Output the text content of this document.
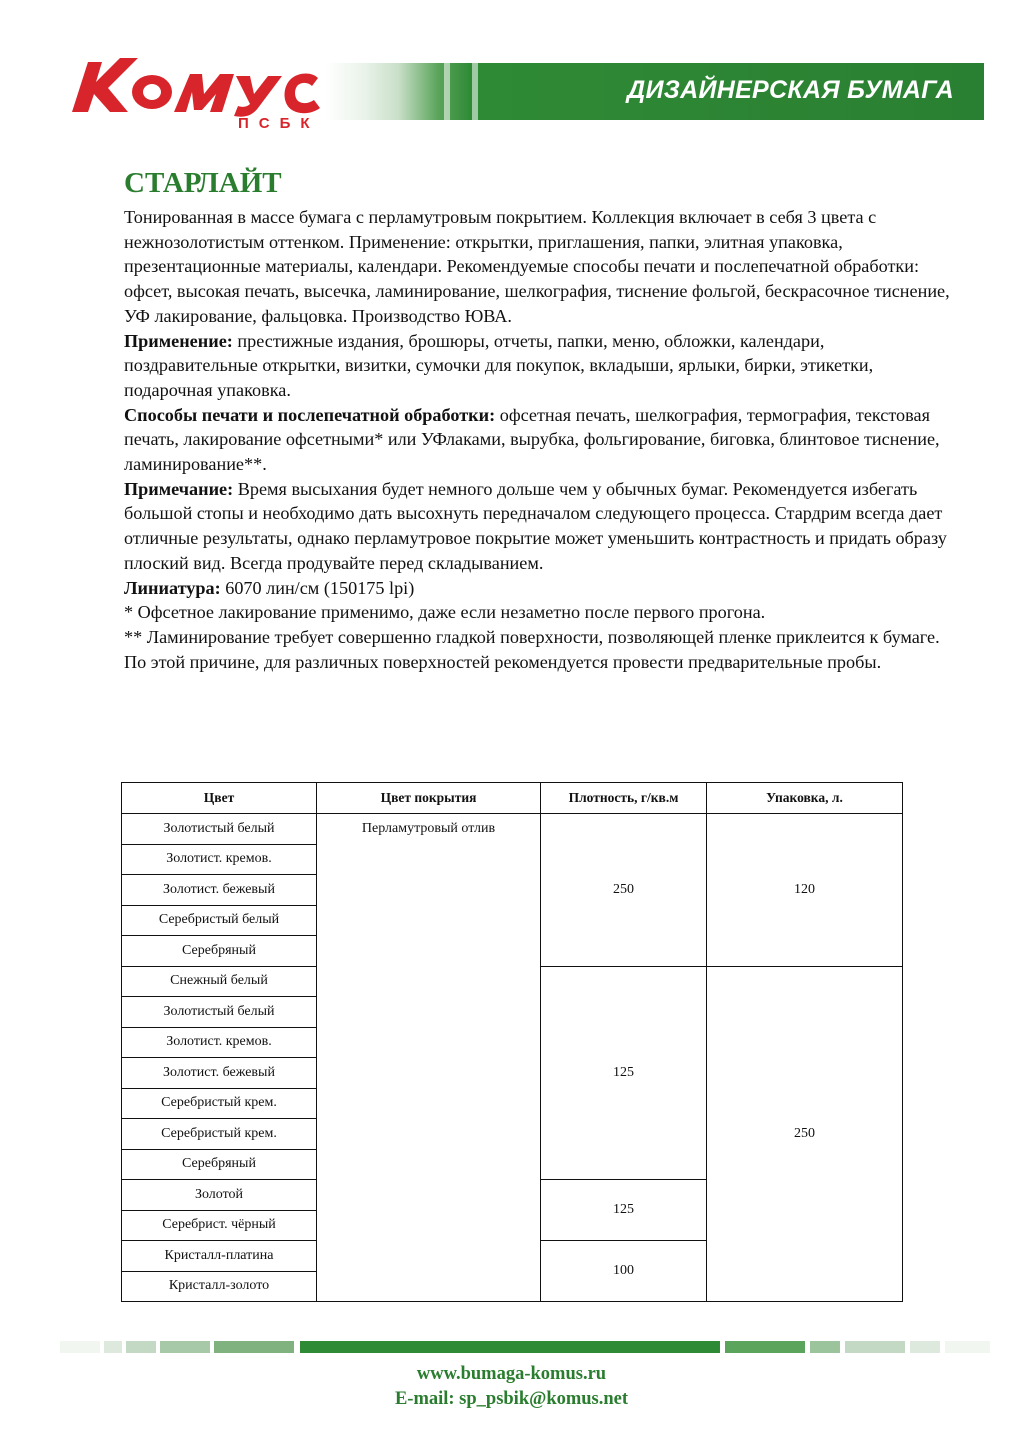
ПСБК
ДИЗАЙНЕРСКАЯ БУМАГА
СТАРЛАЙТ

Тонированная в массе бумага с перламутровым покрытием. Коллекция включает в себя 3 цвета с нежнозолотистым оттенком. Применение: открытки, приглашения, папки, элитная упаковка, презентационные материалы, календари. Рекомендуемые способы печати и послепечатной обработки: офсет, высокая печать, высечка, ламинирование, шелкография, тиснение фольгой, бескрасочное тиснение, УФ лакирование, фальцовка. Производство ЮВА.

Применение: престижные издания, брошюры, отчеты, папки, меню, обложки, календари, поздравительные открытки, визитки, сумочки для покупок, вкладыши, ярлыки, бирки, этикетки, подарочная упаковка.

Способы печати и послепечатной обработки: офсетная печать, шелкография, термография, текстовая печать, лакирование офсетными* или УФлаками, вырубка, фольгирование, биговка, блинтовое тиснение, ламинирование**.

Примечание: Время высыхания будет немного дольше чем у обычных бумаг. Рекомендуется избегать большой стопы и необходимо дать высохнуть передначалом следующего процесса. Стардрим всегда дает отличные результаты, однако перламутровое покрытие может уменьшить контрастность и придать образу плоский вид. Всегда продувайте перед складыванием.

Линиатура: 6070 лин/см (150175 lpi)

* Офсетное лакирование применимо, даже если незаметно после первого прогона.

** Ламинирование требует совершенно гладкой поверхности, позволяющей пленке приклеится к бумаге.

По этой причине, для различных поверхностей рекомендуется провести предварительные пробы.

Цвет	Цвет покрытия	Плотность, г/кв.м	Упаковка, л.
Золотистый белый	Перламутровый отлив	250	120
Золотист. кремов.			
Золотист. бежевый			
Серебристый белый			
Серебряный			
Снежный белый		125	250
Золотистый белый			
Золотист. кремов.			
Золотист. бежевый			
Серебристый крем.			
Серебристый крем.			
Серебряный			
Золотой		125	
Серебрист. чёрный			
Кристалл-платина		100	
Кристалл-золото			
www.bumaga-komus.ru
E-mail: sp_psbik@komus.net
